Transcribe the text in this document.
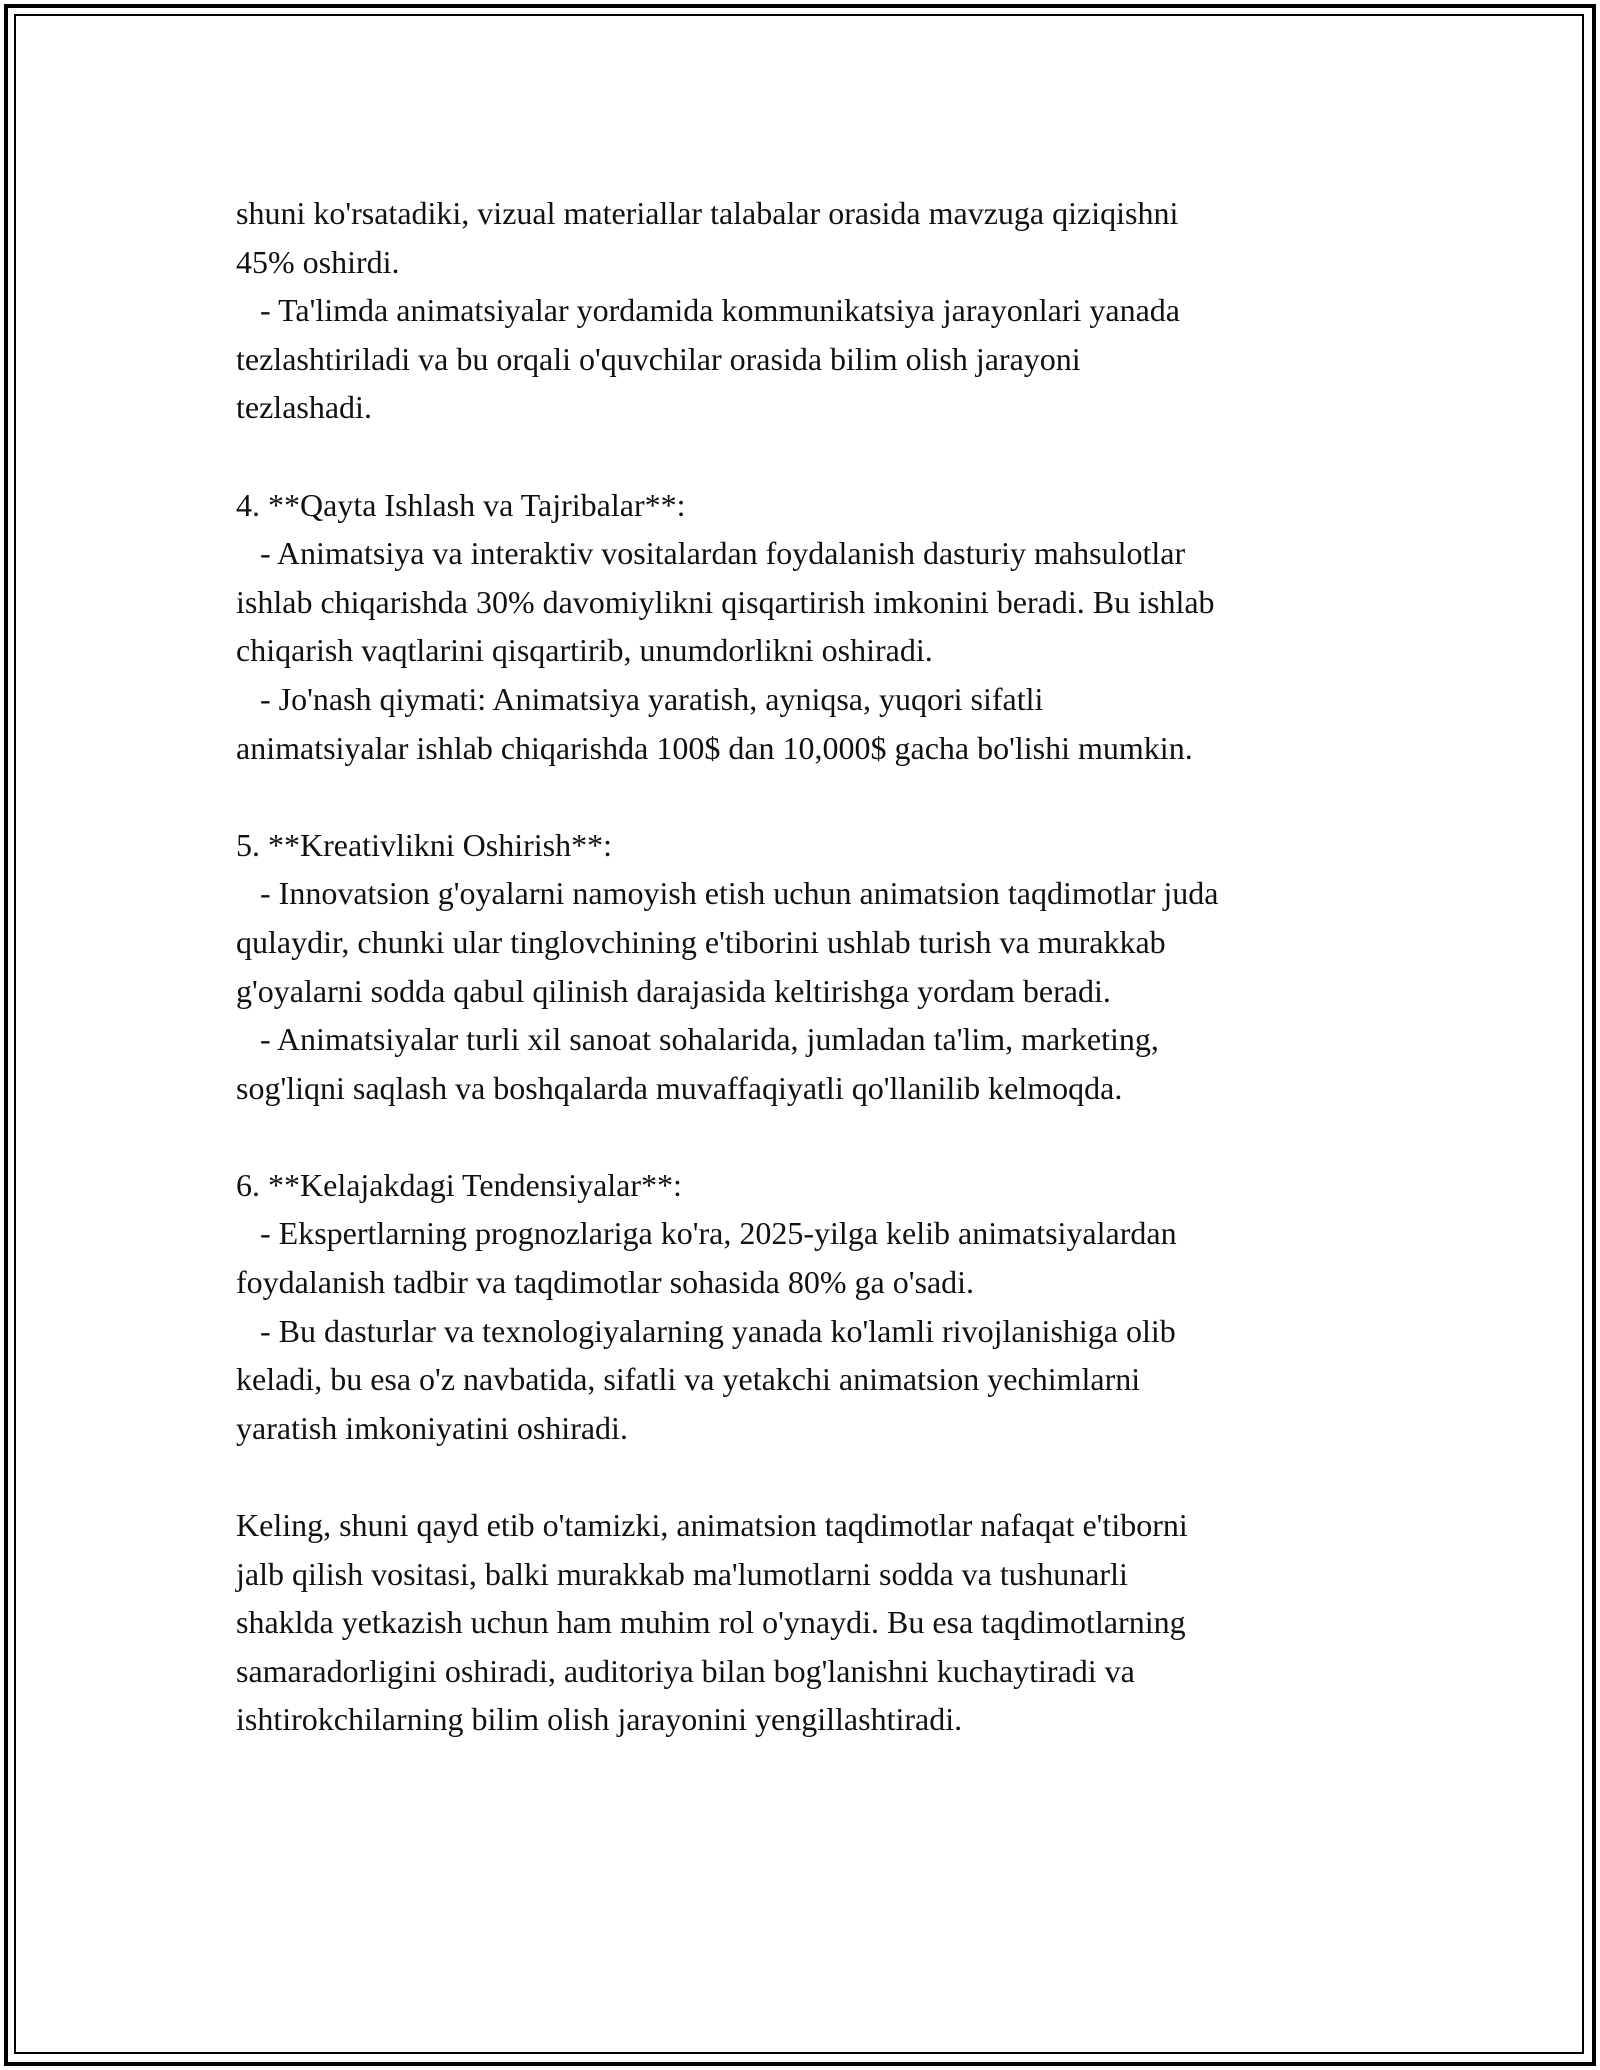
shuni ko'rsatadiki, vizual materiallar talabalar orasida mavzuga qiziqishni
45% oshirdi.
- Ta'limda animatsiyalar yordamida kommunikatsiya jarayonlari yanada
tezlashtiriladi va bu orqali o'quvchilar orasida bilim olish jarayoni
tezlashadi.
4. **Qayta Ishlash va Tajribalar**:
- Animatsiya va interaktiv vositalardan foydalanish dasturiy mahsulotlar
ishlab chiqarishda 30% davomiylikni qisqartirish imkonini beradi. Bu ishlab
chiqarish vaqtlarini qisqartirib, unumdorlikni oshiradi.
- Jo'nash qiymati: Animatsiya yaratish, ayniqsa, yuqori sifatli
animatsiyalar ishlab chiqarishda 100$ dan 10,000$ gacha bo'lishi mumkin.
5. **Kreativlikni Oshirish**:
- Innovatsion g'oyalarni namoyish etish uchun animatsion taqdimotlar juda
qulaydir, chunki ular tinglovchining e'tiborini ushlab turish va murakkab
g'oyalarni sodda qabul qilinish darajasida keltirishga yordam beradi.
- Animatsiyalar turli xil sanoat sohalarida, jumladan ta'lim, marketing,
sog'liqni saqlash va boshqalarda muvaffaqiyatli qo'llanilib kelmoqda.
6. **Kelajakdagi Tendensiyalar**:
- Ekspertlarning prognozlariga ko'ra, 2025-yilga kelib animatsiyalardan
foydalanish tadbir va taqdimotlar sohasida 80% ga o'sadi.
- Bu dasturlar va texnologiyalarning yanada ko'lamli rivojlanishiga olib
keladi, bu esa o'z navbatida, sifatli va yetakchi animatsion yechimlarni
yaratish imkoniyatini oshiradi.
Keling, shuni qayd etib o'tamizki, animatsion taqdimotlar nafaqat e'tiborni
jalb qilish vositasi, balki murakkab ma'lumotlarni sodda va tushunarli
shaklda yetkazish uchun ham muhim rol o'ynaydi. Bu esa taqdimotlarning
samaradorligini oshiradi, auditoriya bilan bog'lanishni kuchaytiradi va
ishtirokchilarning bilim olish jarayonini yengillashtiradi.
